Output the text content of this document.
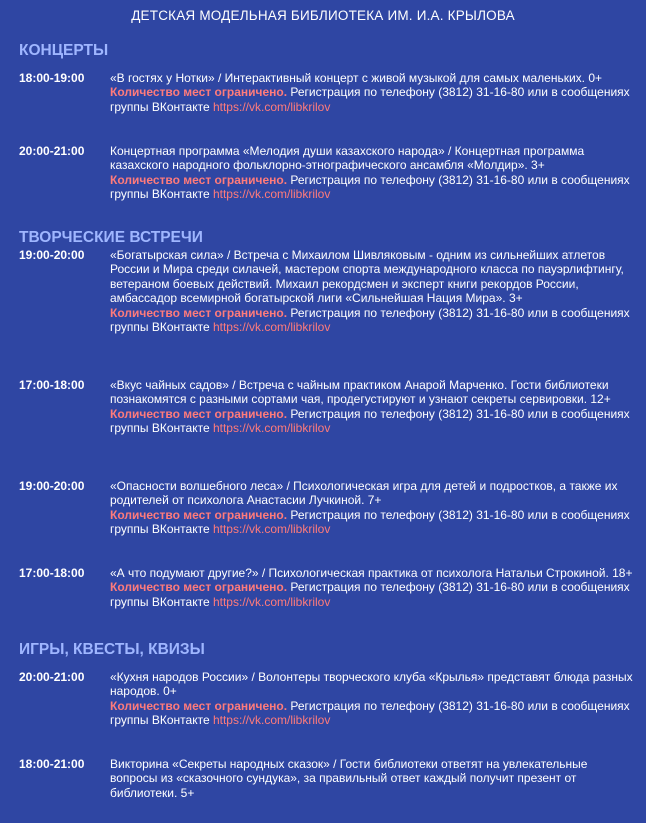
ДЕТСКАЯ МОДЕЛЬНАЯ БИБЛИОТЕКА ИМ. И.А. КРЫЛОВА
КОНЦЕРТЫ
18:00-19:00	«В гостях у Нотки» / Интерактивный концерт с живой музыкой для самых маленьких. 0+
Количество мест ограничено. Регистрация по телефону (3812) 31-16-80 или в сообщениях группы ВКонтакте https://vk.com/libkrilov
20:00-21:00	Концертная программа «Мелодия души казахского народа» / Концертная программа казахского народного фольклорно-этнографического ансамбля «Молдир». 3+
Количество мест ограничено. Регистрация по телефону (3812) 31-16-80 или в сообщениях группы ВКонтакте https://vk.com/libkrilov
ТВОРЧЕСКИЕ ВСТРЕЧИ
19:00-20:00	«Богатырская сила» / Встреча с Михаилом Шивляковым - одним из сильнейших атлетов России и Мира среди силачей, мастером спорта международного класса по пауэрлифтингу, ветераном боевых действий. Михаил рекордсмен и эксперт книги рекордов России, амбассадор всемирной богатырской лиги «Сильнейшая Нация Мира». 3+
Количество мест ограничено. Регистрация по телефону (3812) 31-16-80 или в сообщениях группы ВКонтакте https://vk.com/libkrilov
17:00-18:00	«Вкус чайных садов» / Встреча с чайным практиком Анарой Марченко. Гости библиотеки познакомятся с разными сортами чая, продегустируют и узнают секреты сервировки. 12+
Количество мест ограничено. Регистрация по телефону (3812) 31-16-80 или в сообщениях группы ВКонтакте https://vk.com/libkrilov
19:00-20:00	«Опасности волшебного леса» / Психологическая игра для детей и подростков, а также их родителей от психолога Анастасии Лучкиной. 7+
Количество мест ограничено. Регистрация по телефону (3812) 31-16-80 или в сообщениях группы ВКонтакте https://vk.com/libkrilov
17:00-18:00	«А что подумают другие?» / Психологическая практика от психолога Натальи Строкиной. 18+
Количество мест ограничено. Регистрация по телефону (3812) 31-16-80 или в сообщениях группы ВКонтакте https://vk.com/libkrilov
ИГРЫ, КВЕСТЫ, КВИЗЫ
20:00-21:00	«Кухня народов России» / Волонтеры творческого клуба «Крылья» представят блюда разных народов. 0+
Количество мест ограничено. Регистрация по телефону (3812) 31-16-80 или в сообщениях группы ВКонтакте https://vk.com/libkrilov
18:00-21:00	Викторина «Секреты народных сказок» / Гости библиотеки ответят на увлекательные вопросы из «сказочного сундука», за правильный ответ каждый получит презент от библиотеки. 5+
